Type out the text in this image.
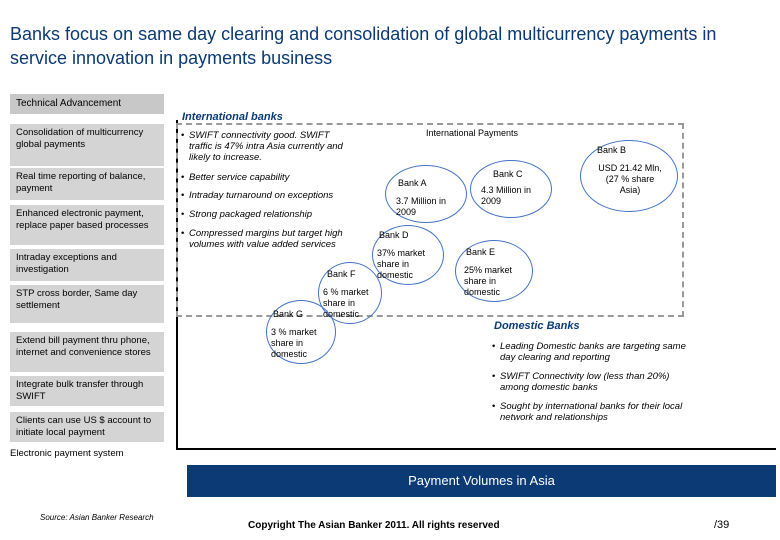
Banks focus on same day clearing and consolidation of global multicurrency payments in service innovation in payments business
Technical Advancement
Consolidation of multicurrency global payments
Real time reporting of balance, payment
Enhanced electronic payment, replace paper based processes
Intraday exceptions and investigation
STP cross border, Same day settlement
Extend bill payment thru phone, internet and convenience stores
Integrate bulk transfer through SWIFT
Clients can use US $ account to initiate local payment
Electronic payment system
International banks
International Payments
• SWIFT connectivity good. SWIFT traffic is 47% intra Asia currently and likely to increase.
• Better service capability
• Intraday turnaround on exceptions
• Strong packaged relationship
• Compressed margins but target high volumes with value added services
Bank A
3.7 Million in 2009
Bank C
4.3 Million in 2009
Bank B
USD 21.42 Mln, (27 % share Asia)
Bank D
37% market share in domestic
Bank E
25% market share in domestic
Bank F
6 % market share in domestic
Bank G
3 % market share in domestic
Domestic Banks
• Leading Domestic banks are targeting same day clearing and reporting
• SWIFT Connectivity low (less than 20%) among domestic banks
• Sought by international banks for their local network and relationships
Payment Volumes in Asia
Source: Asian Banker Research
Copyright The Asian Banker 2011. All rights reserved	/39
